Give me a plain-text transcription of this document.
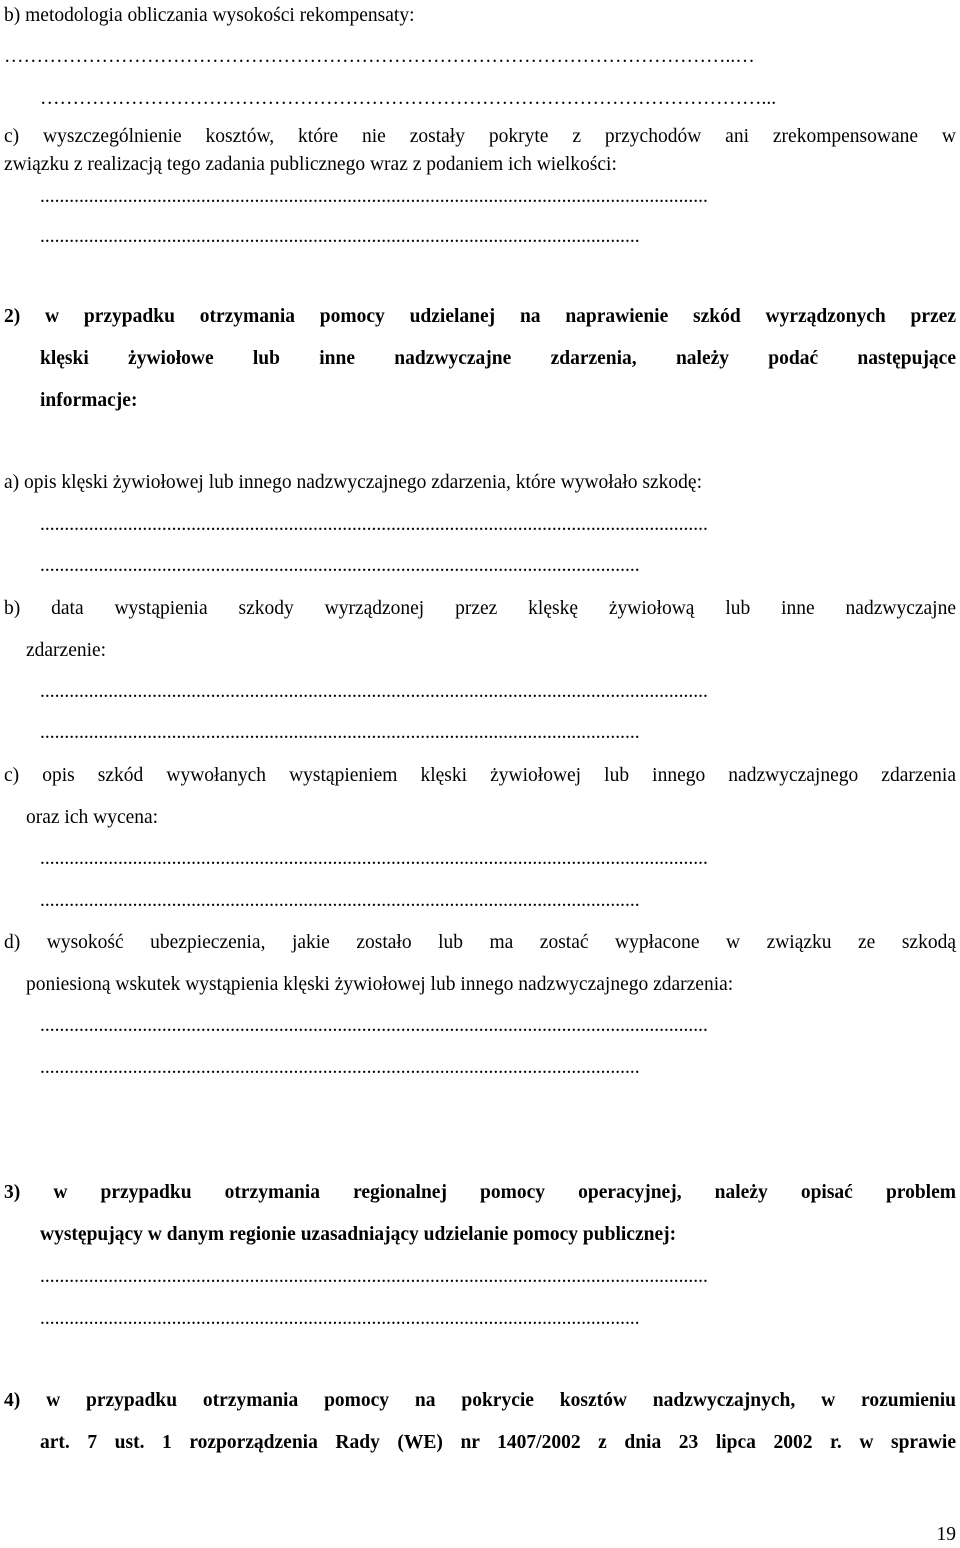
b) metodologia obliczania wysokości rekompensaty:
…………………………………………………………………………………………………..…
…………………………………………………………………………………………………...
c) wyszczególnienie kosztów, które nie zostały pokryte z przychodów ani zrekompensowane w
związku z realizacją tego zadania publicznego wraz z podaniem ich wielkości:
.........................................................................................................................................
...........................................................................................................................
2) w przypadku otrzymania pomocy udzielanej na naprawienie szkód wyrządzonych przez
klęski żywiołowe lub inne nadzwyczajne zdarzenia, należy podać następujące
informacje:
a) opis klęski żywiołowej lub innego nadzwyczajnego zdarzenia, które wywołało szkodę:
.........................................................................................................................................
...........................................................................................................................
b) data wystąpienia szkody wyrządzonej przez klęskę żywiołową lub inne nadzwyczajne
zdarzenie:
.........................................................................................................................................
...........................................................................................................................
c) opis szkód wywołanych wystąpieniem klęski żywiołowej lub innego nadzwyczajnego zdarzenia
oraz ich wycena:
.........................................................................................................................................
...........................................................................................................................
d) wysokość ubezpieczenia, jakie zostało lub ma zostać wypłacone w związku ze szkodą
poniesioną wskutek wystąpienia klęski żywiołowej lub innego nadzwyczajnego zdarzenia:
.........................................................................................................................................
...........................................................................................................................
3) w przypadku otrzymania regionalnej pomocy operacyjnej, należy opisać problem
występujący w danym regionie uzasadniający udzielanie pomocy publicznej:
.........................................................................................................................................
...........................................................................................................................
4) w przypadku otrzymania pomocy na pokrycie kosztów nadzwyczajnych, w rozumieniu
art. 7 ust. 1 rozporządzenia Rady (WE) nr 1407/2002 z dnia 23 lipca 2002 r. w sprawie
19
